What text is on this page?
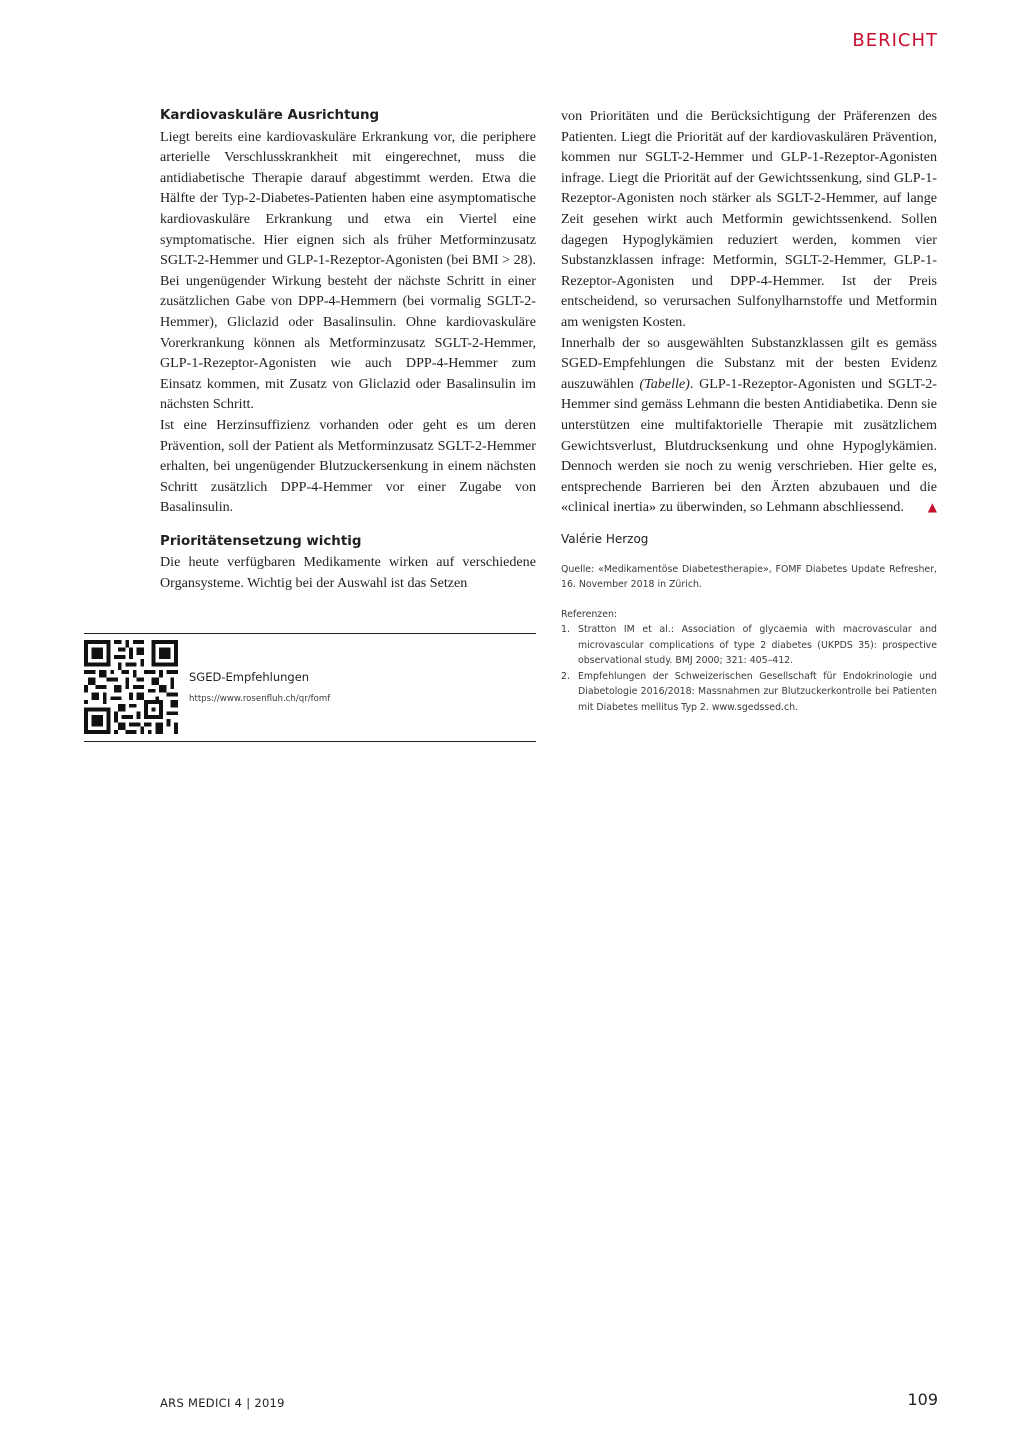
BERICHT
Kardiovaskuläre Ausrichtung

Liegt bereits eine kardiovaskuläre Erkrankung vor, die periphere arterielle Verschlusskrankheit mit eingerechnet, muss die antidiabetische Therapie darauf abgestimmt werden. Etwa die Hälfte der Typ-2-Diabetes-Patienten haben eine asymptomatische kardiovaskuläre Erkrankung und etwa ein Viertel eine symptomatische. Hier eignen sich als früher Metforminzusatz SGLT-2-Hemmer und GLP-1-Rezeptor-Agonisten (bei BMI > 28). Bei ungenügender Wirkung besteht der nächste Schritt in einer zusätzlichen Gabe von DPP-4-Hemmern (bei vormalig SGLT-2-Hemmer), Gliclazid oder Basalinsulin. Ohne kardiovaskuläre Vorerkrankung können als Metforminzusatz SGLT-2-Hemmer, GLP-1-Rezeptor-Agonisten wie auch DPP-4-Hemmer zum Einsatz kommen, mit Zusatz von Gliclazid oder Basalinsulin im nächsten Schritt.

Ist eine Herzinsuffizienz vorhanden oder geht es um deren Prävention, soll der Patient als Metforminzusatz SGLT-2-Hemmer erhalten, bei ungenügender Blutzuckersenkung in einem nächsten Schritt zusätzlich DPP-4-Hemmer vor einer Zugabe von Basalinsulin.

Prioritätensetzung wichtig

Die heute verfügbaren Medikamente wirken auf verschiedene Organsysteme. Wichtig bei der Auswahl ist das Setzen

von Prioritäten und die Berücksichtigung der Präferenzen des Patienten. Liegt die Priorität auf der kardiovaskulären Prävention, kommen nur SGLT-2-Hemmer und GLP-1-Rezeptor-Agonisten infrage. Liegt die Priorität auf der Gewichtssenkung, sind GLP-1-Rezeptor-Agonisten noch stärker als SGLT-2-Hemmer, auf lange Zeit gesehen wirkt auch Metformin gewichtssenkend. Sollen dagegen Hypoglykämien reduziert werden, kommen vier Substanzklassen infrage: Metformin, SGLT-2-Hemmer, GLP-1-Rezeptor-Agonisten und DPP-4-Hemmer. Ist der Preis entscheidend, so verursachen Sulfonylharnstoffe und Metformin am wenigsten Kosten.

Innerhalb der so ausgewählten Substanzklassen gilt es gemäss SGED-Empfehlungen die Substanz mit der besten Evidenz auszuwählen (Tabelle). GLP-1-Rezeptor-Agonisten und SGLT-2-Hemmer sind gemäss Lehmann die besten Antidiabetika. Denn sie unterstützen eine multifaktorielle Therapie mit zusätzlichem Gewichtsverlust, Blutdrucksenkung und ohne Hypoglykämien. Dennoch werden sie noch zu wenig verschrieben. Hier gelte es, entsprechende Barrieren bei den Ärzten abzubauen und die «clinical inertia» zu überwinden, so Lehmann abschliessend. ▲

Valérie Herzog

Quelle: «Medikamentöse Diabetestherapie», FOMF Diabetes Update Refresher, 16. November 2018 in Zürich.

Referenzen:

1. Stratton IM et al.: Association of glycaemia with macrovascular and microvascular complications of type 2 diabetes (UKPDS 35): prospective observational study. BMJ 2000; 321: 405–412.
2. Empfehlungen der Schweizerischen Gesellschaft für Endokrinologie und Diabetologie 2016/2018: Massnahmen zur Blutzuckerkontrolle bei Patienten mit Diabetes mellitus Typ 2. www.sgedssed.ch.
SGED-Empfehlungen
https://www.rosenfluh.ch/qr/fomf
ARS MEDICI 4 | 2019	109
